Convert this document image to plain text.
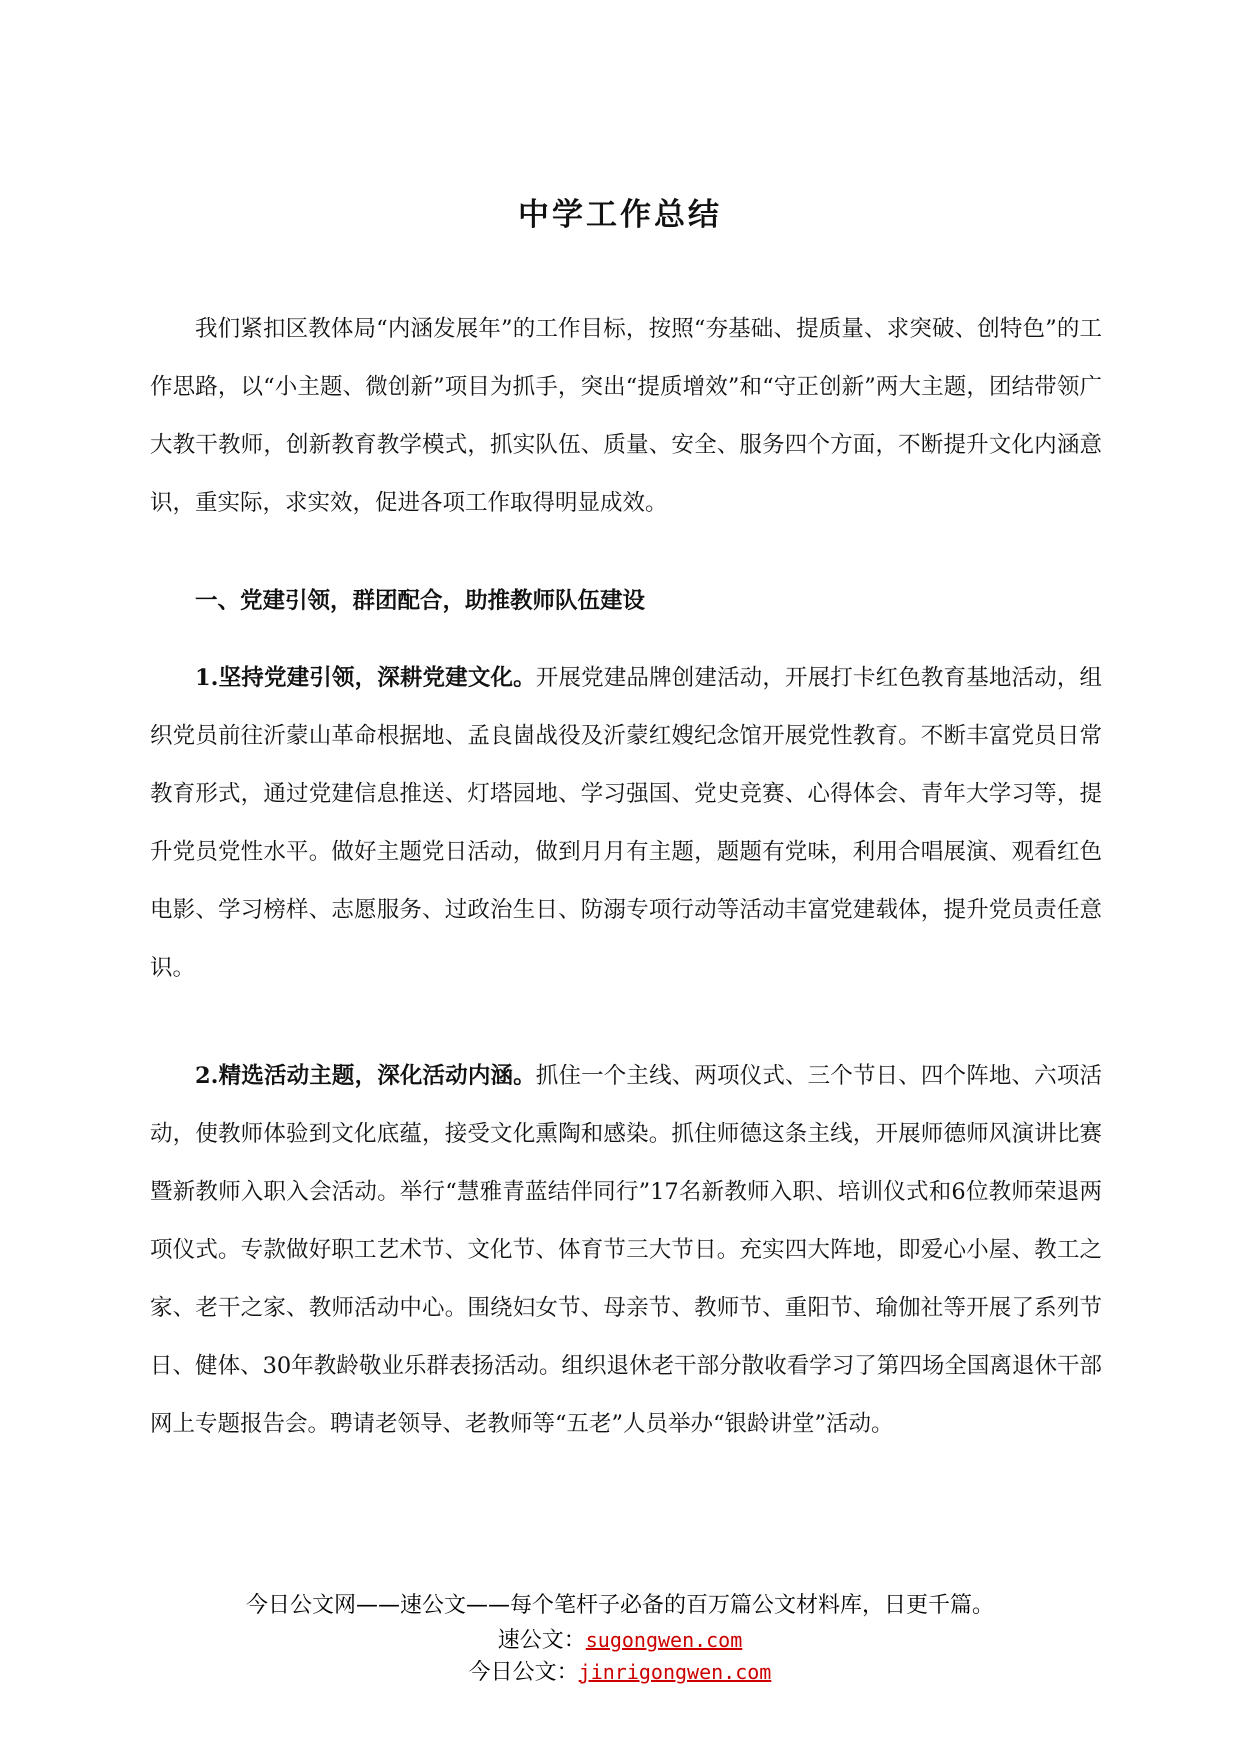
中学工作总结

我们紧扣区教体局“内涵发展年”的工作目标，按照“夯基础、提质量、求突破、创特色”的工作思路，以“小主题、微创新”项目为抓手，突出“提质增效”和“守正创新”两大主题，团结带领广大教干教师，创新教育教学模式，抓实队伍、质量、安全、服务四个方面，不断提升文化内涵意识，重实际，求实效，促进各项工作取得明显成效。

一、党建引领，群团配合，助推教师队伍建设

1.坚持党建引领，深耕党建文化。开展党建品牌创建活动，开展打卡红色教育基地活动，组织党员前往沂蒙山革命根据地、孟良崮战役及沂蒙红嫂纪念馆开展党性教育。不断丰富党员日常教育形式，通过党建信息推送、灯塔园地、学习强国、党史竞赛、心得体会、青年大学习等，提升党员党性水平。做好主题党日活动，做到月月有主题，题题有党味，利用合唱展演、观看红色电影、学习榜样、志愿服务、过政治生日、防溺专项行动等活动丰富党建载体，提升党员责任意识。

2.精选活动主题，深化活动内涵。抓住一个主线、两项仪式、三个节日、四个阵地、六项活动，使教师体验到文化底蕴，接受文化熏陶和感染。抓住师德这条主线，开展师德师风演讲比赛暨新教师入职入会活动。举行“慧雅青蓝结伴同行”17名新教师入职、培训仪式和6位教师荣退两项仪式。专款做好职工艺术节、文化节、体育节三大节日。充实四大阵地，即爱心小屋、教工之家、老干之家、教师活动中心。围绕妇女节、母亲节、教师节、重阳节、瑜伽社等开展了系列节日、健体、30年教龄敬业乐群表扬活动。组织退休老干部分散收看学习了第四场全国离退休干部网上专题报告会。聘请老领导、老教师等“五老”人员举办“银龄讲堂”活动。

今日公文网——速公文——每个笔杆子必备的百万篇公文材料库，日更千篇。
速公文：sugongwen.com
今日公文：jinrigongwen.com
